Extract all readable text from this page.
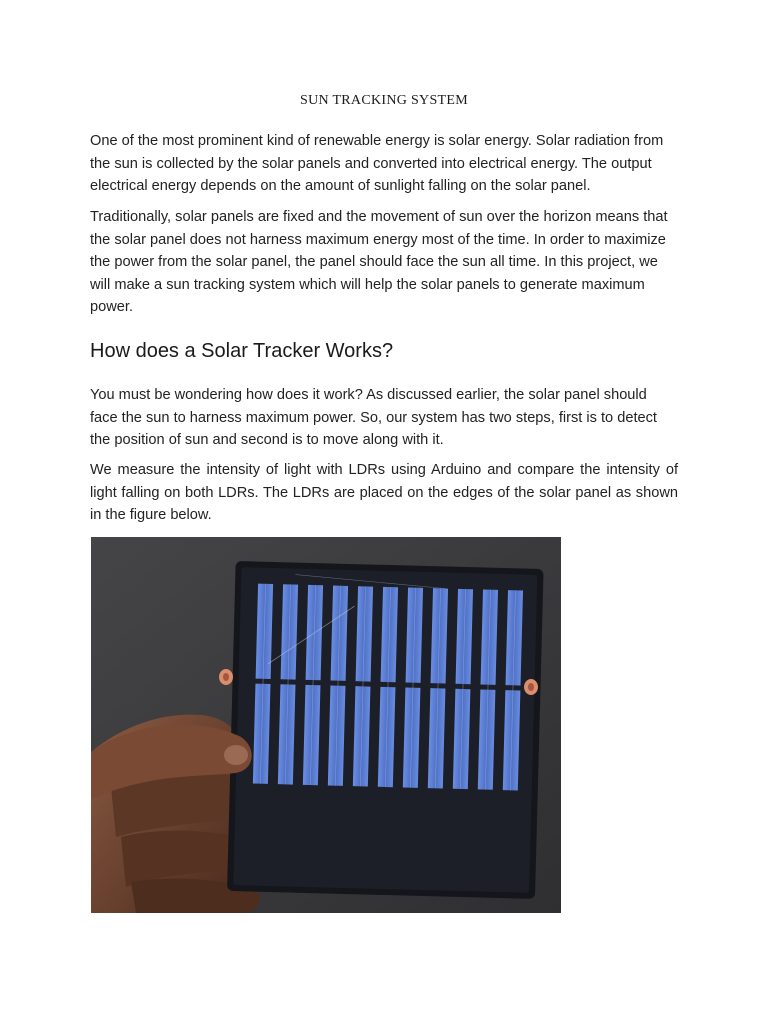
SUN TRACKING SYSTEM

One of the most prominent kind of renewable energy is solar energy. Solar radiation from the sun is collected by the solar panels and converted into electrical energy. The output electrical energy depends on the amount of sunlight falling on the solar panel.

Traditionally, solar panels are fixed and the movement of sun over the horizon means that the solar panel does not harness maximum energy most of the time. In order to maximize the power from the solar panel, the panel should face the sun all time. In this project, we will make a sun tracking system which will help the solar panels to generate maximum power.

How does a Solar Tracker Works?

You must be wondering how does it work? As discussed earlier, the solar panel should face the sun to harness maximum power. So, our system has two steps, first is to detect the position of sun and second is to move along with it.

We measure the intensity of light with LDRs using Arduino and compare the intensity of light falling on both LDRs. The LDRs are placed on the edges of the solar panel as shown in the figure below.
